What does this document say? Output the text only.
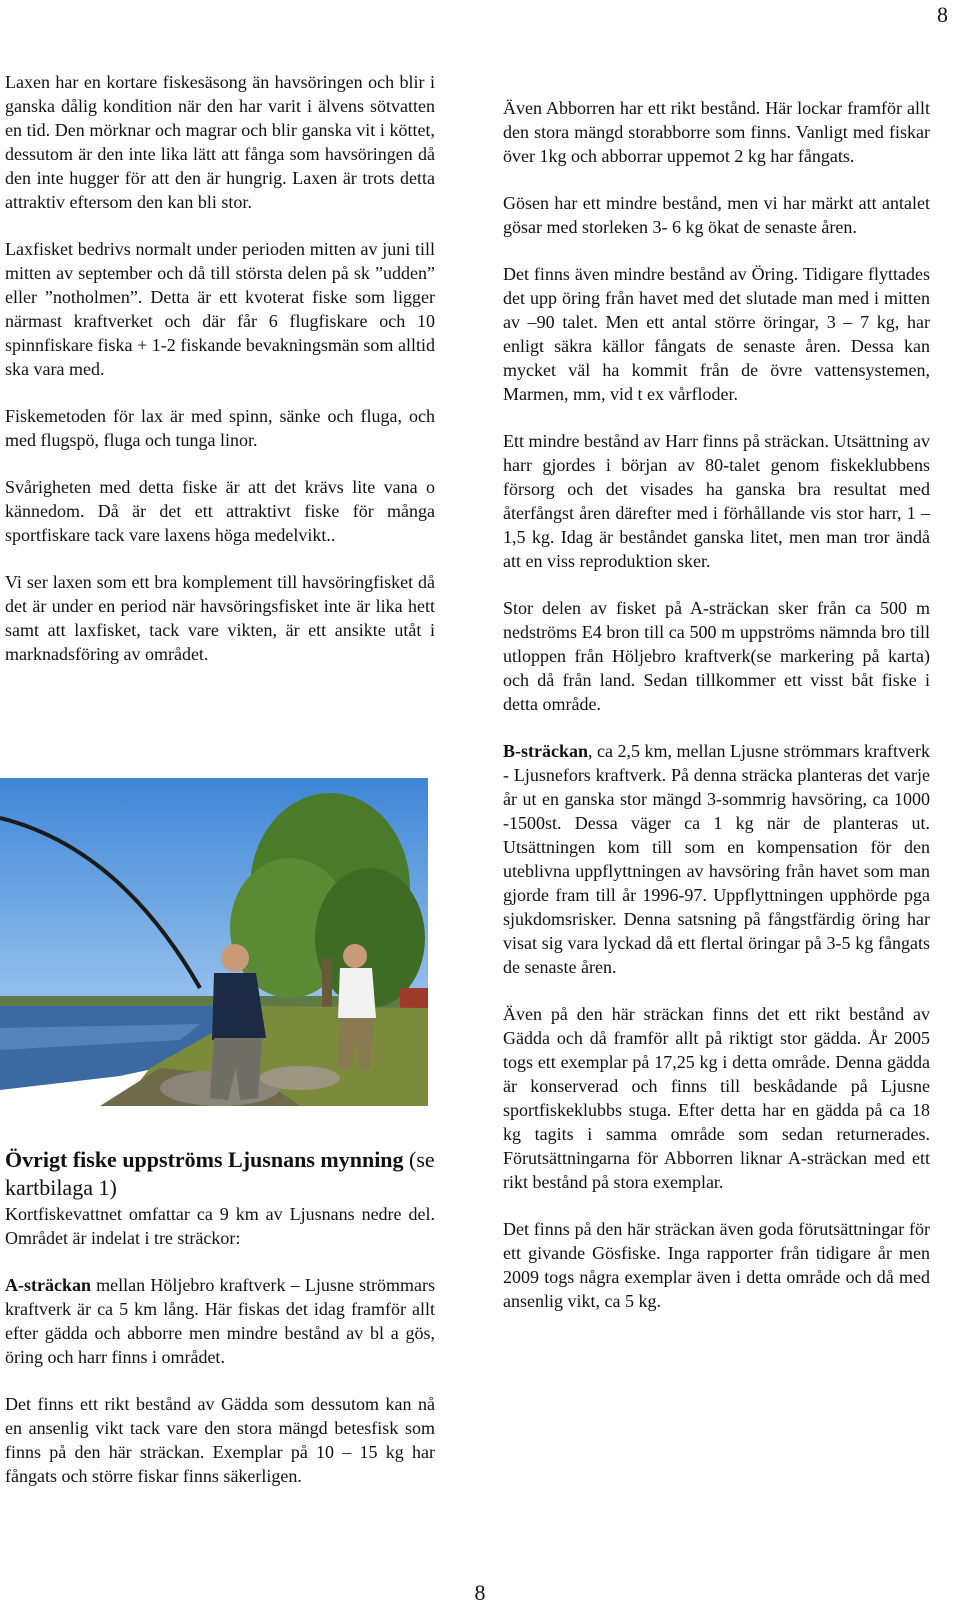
8

Laxen har en kortare fiskesäsong än havsöringen och blir i ganska dålig kondition när den har varit i älvens sötvatten en tid. Den mörknar och magrar och blir ganska vit i köttet, dessutom är den inte lika lätt att fånga som havsöringen då den inte hugger för att den är hungrig. Laxen är trots detta attraktiv eftersom den kan bli stor.

Laxfisket bedrivs normalt under perioden mitten av juni till mitten av september och då till största delen på sk ”udden” eller ”notholmen”. Detta är ett kvoterat fiske som ligger närmast kraftverket och där får 6 flugfiskare och 10 spinnfiskare fiska + 1-2 fiskande bevakningsmän som alltid ska vara med.

Fiskemetoden för lax är med spinn, sänke och fluga, och med flugspö, fluga och tunga linor.

Svårigheten med detta fiske är att det krävs lite vana o kännedom. Då är det ett attraktivt fiske för många sportfiskare tack vare laxens höga medelvikt..

Vi ser laxen som ett bra komplement till havsöringfisket då det är under en period när havsöringsfisket inte är lika hett samt att laxfisket, tack vare vikten, är ett ansikte utåt i marknadsföring av området.

Övrigt fiske uppströms Ljusnans mynning (se kartbilaga 1)

Kortfiskevattnet omfattar ca 9 km av Ljusnans nedre del. Området är indelat i tre sträckor:

A-sträckan mellan Höljebro kraftverk – Ljusne strömmars kraftverk är ca 5 km lång. Här fiskas det idag framför allt efter gädda och abborre men mindre bestånd av bl a gös, öring och harr finns i området.

Det finns ett rikt bestånd av Gädda som dessutom kan nå en ansenlig vikt tack vare den stora mängd betesfisk som finns på den här sträckan. Exemplar på 10 – 15 kg har fångats och större fiskar finns säkerligen.

Även Abborren har ett rikt bestånd. Här lockar framför allt den stora mängd storabborre som finns. Vanligt med fiskar över 1kg och abborrar uppemot 2 kg har fångats.

Gösen har ett mindre bestånd, men vi har märkt att antalet gösar med storleken 3- 6 kg ökat de senaste åren.

Det finns även mindre bestånd av Öring. Tidigare flyttades det upp öring från havet med det slutade man med i mitten av –90 talet. Men ett antal större öringar, 3 – 7 kg, har enligt säkra källor fångats de senaste åren. Dessa kan mycket väl ha kommit från de övre vattensystemen, Marmen, mm, vid t ex vårfloder.

Ett mindre bestånd av Harr finns på sträckan. Utsättning av harr gjordes i början av 80-talet genom fiskeklubbens försorg och det visades ha ganska bra resultat med återfångst åren därefter med i förhållande vis stor harr, 1 – 1,5 kg. Idag är beståndet ganska litet, men man tror ändå att en viss reproduktion sker.

Stor delen av fisket på A-sträckan sker från ca 500 m nedströms E4 bron till ca 500 m uppströms nämnda bro till utloppen från Höljebro kraftverk(se markering på karta) och då från land. Sedan tillkommer ett visst båt fiske i detta område.

B-sträckan, ca 2,5 km, mellan Ljusne strömmars kraftverk - Ljusnefors kraftverk. På denna sträcka planteras det varje år ut en ganska stor mängd 3-sommrig havsöring, ca 1000 -1500st. Dessa väger ca 1 kg när de planteras ut. Utsättningen kom till som en kompensation för den uteblivna uppflyttningen av havsöring från havet som man gjorde fram till år 1996-97. Uppflyttningen upphörde pga sjukdomsrisker. Denna satsning på fångstfärdig öring har visat sig vara lyckad då ett flertal öringar på 3-5 kg fångats de senaste åren.

Även på den här sträckan finns det ett rikt bestånd av Gädda och då framför allt på riktigt stor gädda. År 2005 togs ett exemplar på 17,25 kg i detta område. Denna gädda är konserverad och finns till beskådande på Ljusne sportfiskeklubbs stuga. Efter detta har en gädda på ca 18 kg tagits i samma område som sedan returnerades. Förutsättningarna för Abborren liknar A-sträckan med ett rikt bestånd på stora exemplar.

Det finns på den här sträckan även goda förutsättningar för ett givande Gösfiske. Inga rapporter från tidigare år men 2009 togs några exemplar även i detta område och då med ansenlig vikt, ca 5 kg.

8
